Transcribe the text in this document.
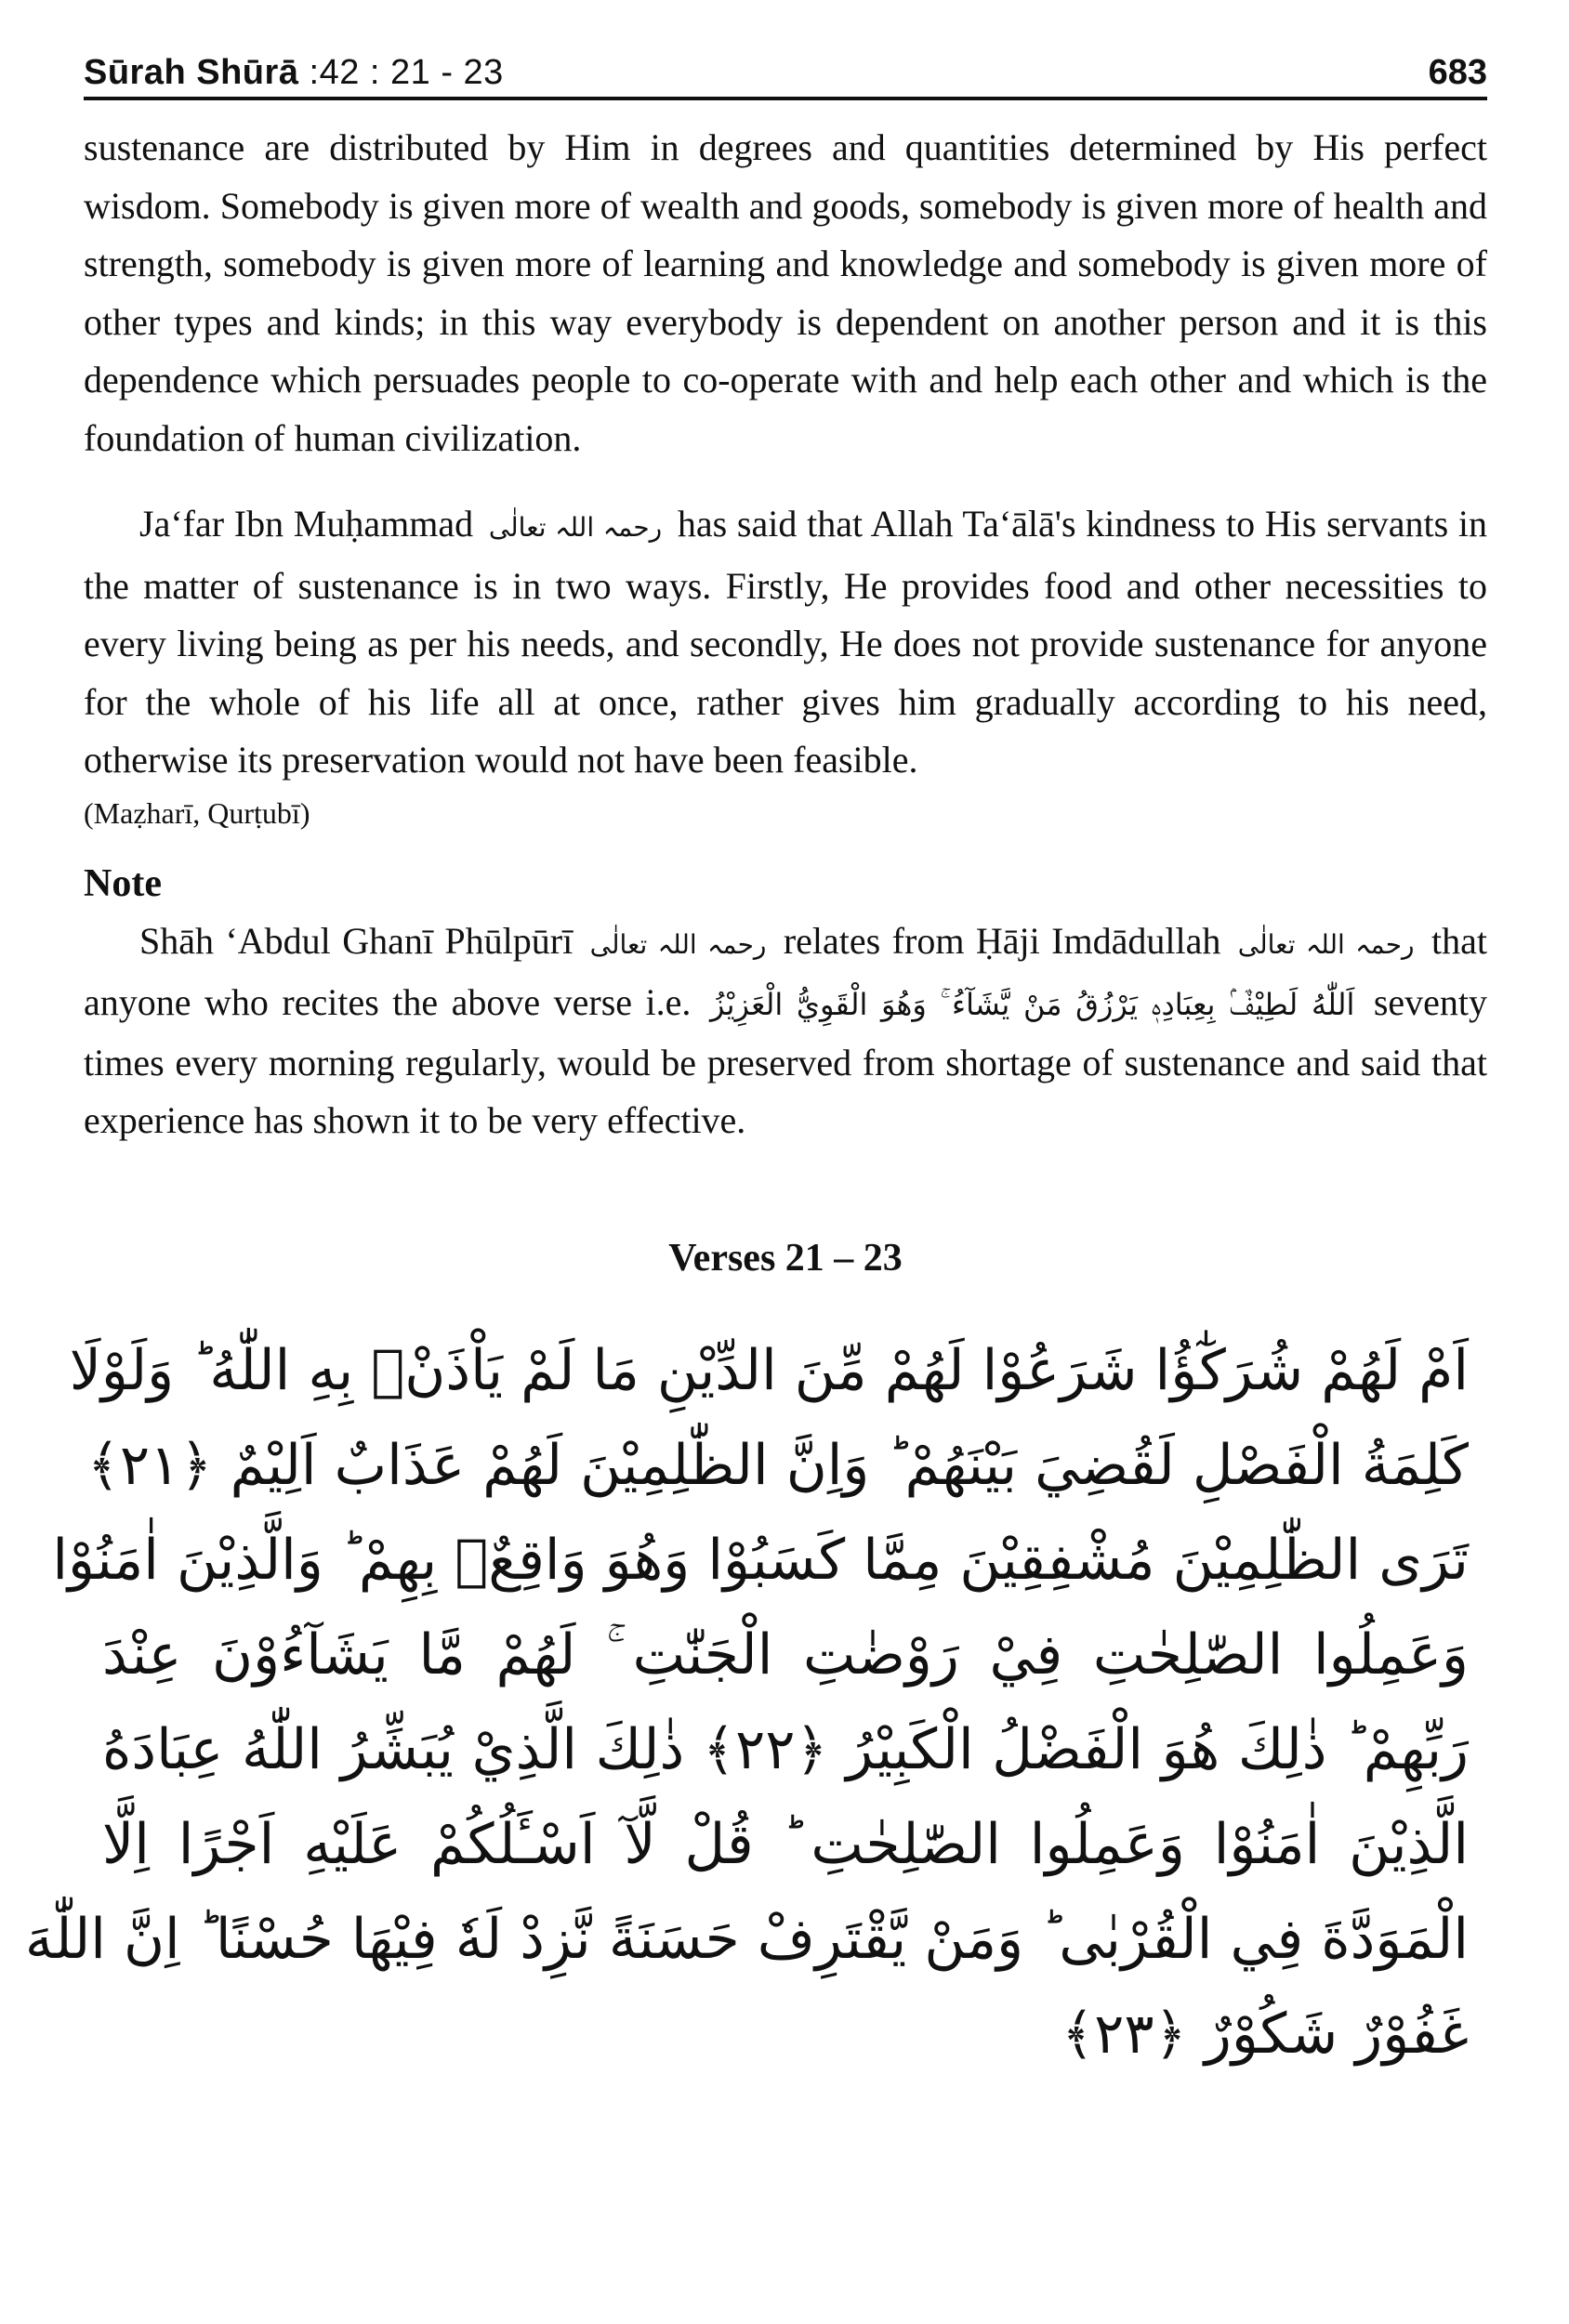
Sūrah Shūrā :42 : 21 - 23	683

sustenance are distributed by Him in degrees and quantities determined by His perfect wisdom. Somebody is given more of wealth and goods, somebody is given more of health and strength, somebody is given more of learning and knowledge and somebody is given more of other types and kinds; in this way everybody is dependent on another person and it is this dependence which persuades people to co-operate with and help each other and which is the foundation of human civilization.

Ja‘far Ibn Muḥammad رحمہ اللہ تعالٰی has said that Allah Ta‘ālā's kindness to His servants in the matter of sustenance is in two ways. Firstly, He provides food and other necessities to every living being as per his needs, and secondly, He does not provide sustenance for anyone for the whole of his life all at once, rather gives him gradually according to his need, otherwise its preservation would not have been feasible.

(Maẓharī, Qurṭubī)
Note

Shāh ‘Abdul Ghanī Phūlpūrī رحمہ اللہ تعالٰی relates from Ḥāji Imdādullah رحمہ اللہ تعالٰی that anyone who recites the above verse i.e. اَللّٰهُ لَطِيْفٌۢ بِعِبَادِهٖ يَرْزُقُ مَنْ يَّشَآءُ ۚ وَهُوَ الْقَوِيُّ الْعَزِيْزُ seventy times every morning regularly, would be preserved from shortage of sustenance and said that experience has shown it to be very effective.

Verses 21 – 23
اَمْ لَهُمْ شُرَكٰٓؤُا شَرَعُوْا لَهُمْ مِّنَ الدِّيْنِ مَا لَمْ يَاْذَنْۢ بِهِ اللّٰهُ ؕ وَلَوْلَا
كَلِمَةُ الْفَصْلِ لَقُضِيَ بَيْنَهُمْ ؕ وَاِنَّ الظّٰلِمِيْنَ لَهُمْ عَذَابٌ اَلِيْمٌ ﴿۲۱﴾
تَرَى الظّٰلِمِيْنَ مُشْفِقِيْنَ مِمَّا كَسَبُوْا وَهُوَ وَاقِعٌۢ بِهِمْ ؕ وَالَّذِيْنَ اٰمَنُوْا
وَعَمِلُوا الصّٰلِحٰتِ فِيْ رَوْضٰتِ الْجَنّٰتِ ۚ لَهُمْ مَّا يَشَآءُوْنَ عِنْدَ
رَبِّهِمْ ؕ ذٰلِكَ هُوَ الْفَضْلُ الْكَبِيْرُ ﴿۲۲﴾ ذٰلِكَ الَّذِيْ يُبَشِّرُ اللّٰهُ عِبَادَهُ
الَّذِيْنَ اٰمَنُوْا وَعَمِلُوا الصّٰلِحٰتِ ؕ قُلْ لَّآ اَسْـَٔلُكُمْ عَلَيْهِ اَجْرًا اِلَّا
الْمَوَدَّةَ فِي الْقُرْبٰى ؕ وَمَنْ يَّقْتَرِفْ حَسَنَةً نَّزِدْ لَهٗ فِيْهَا حُسْنًا ؕ اِنَّ اللّٰهَ
غَفُوْرٌ شَكُوْرٌ ﴿۲۳﴾
